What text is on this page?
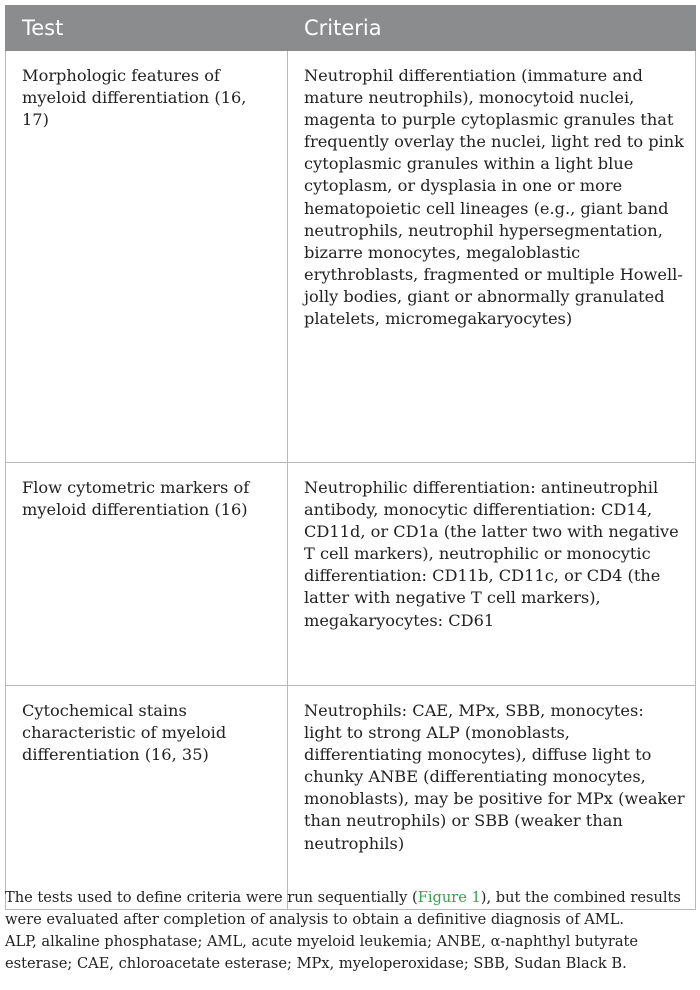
Test	Criteria
Morphologic features of myeloid differentiation (16, 17)	Neutrophil differentiation (immature and mature neutrophils), monocytoid nuclei, magenta to purple cytoplasmic granules that frequently overlay the nuclei, light red to pink cytoplasmic granules within a light blue cytoplasm, or dysplasia in one or more hematopoietic cell lineages (e.g., giant band neutrophils, neutrophil hypersegmentation, bizarre monocytes, megaloblastic erythroblasts, fragmented or multiple Howell-jolly bodies, giant or abnormally granulated platelets, micromegakaryocytes)
Flow cytometric markers of myeloid differentiation (16)	Neutrophilic differentiation: antineutrophil antibody, monocytic differentiation: CD14, CD11d, or CD1a (the latter two with negative T cell markers), neutrophilic or monocytic differentiation: CD11b, CD11c, or CD4 (the latter with negative T cell markers), megakaryocytes: CD61
Cytochemical stains characteristic of myeloid differentiation (16, 35)	Neutrophils: CAE, MPx, SBB, monocytes: light to strong ALP (monoblasts, differentiating monocytes), diffuse light to chunky ANBE (differentiating monocytes, monoblasts), may be positive for MPx (weaker than neutrophils) or SBB (weaker than neutrophils)

The tests used to define criteria were run sequentially (Figure 1), but the combined results were evaluated after completion of analysis to obtain a definitive diagnosis of AML.

ALP, alkaline phosphatase; AML, acute myeloid leukemia; ANBE, α-naphthyl butyrate esterase; CAE, chloroacetate esterase; MPx, myeloperoxidase; SBB, Sudan Black B.
